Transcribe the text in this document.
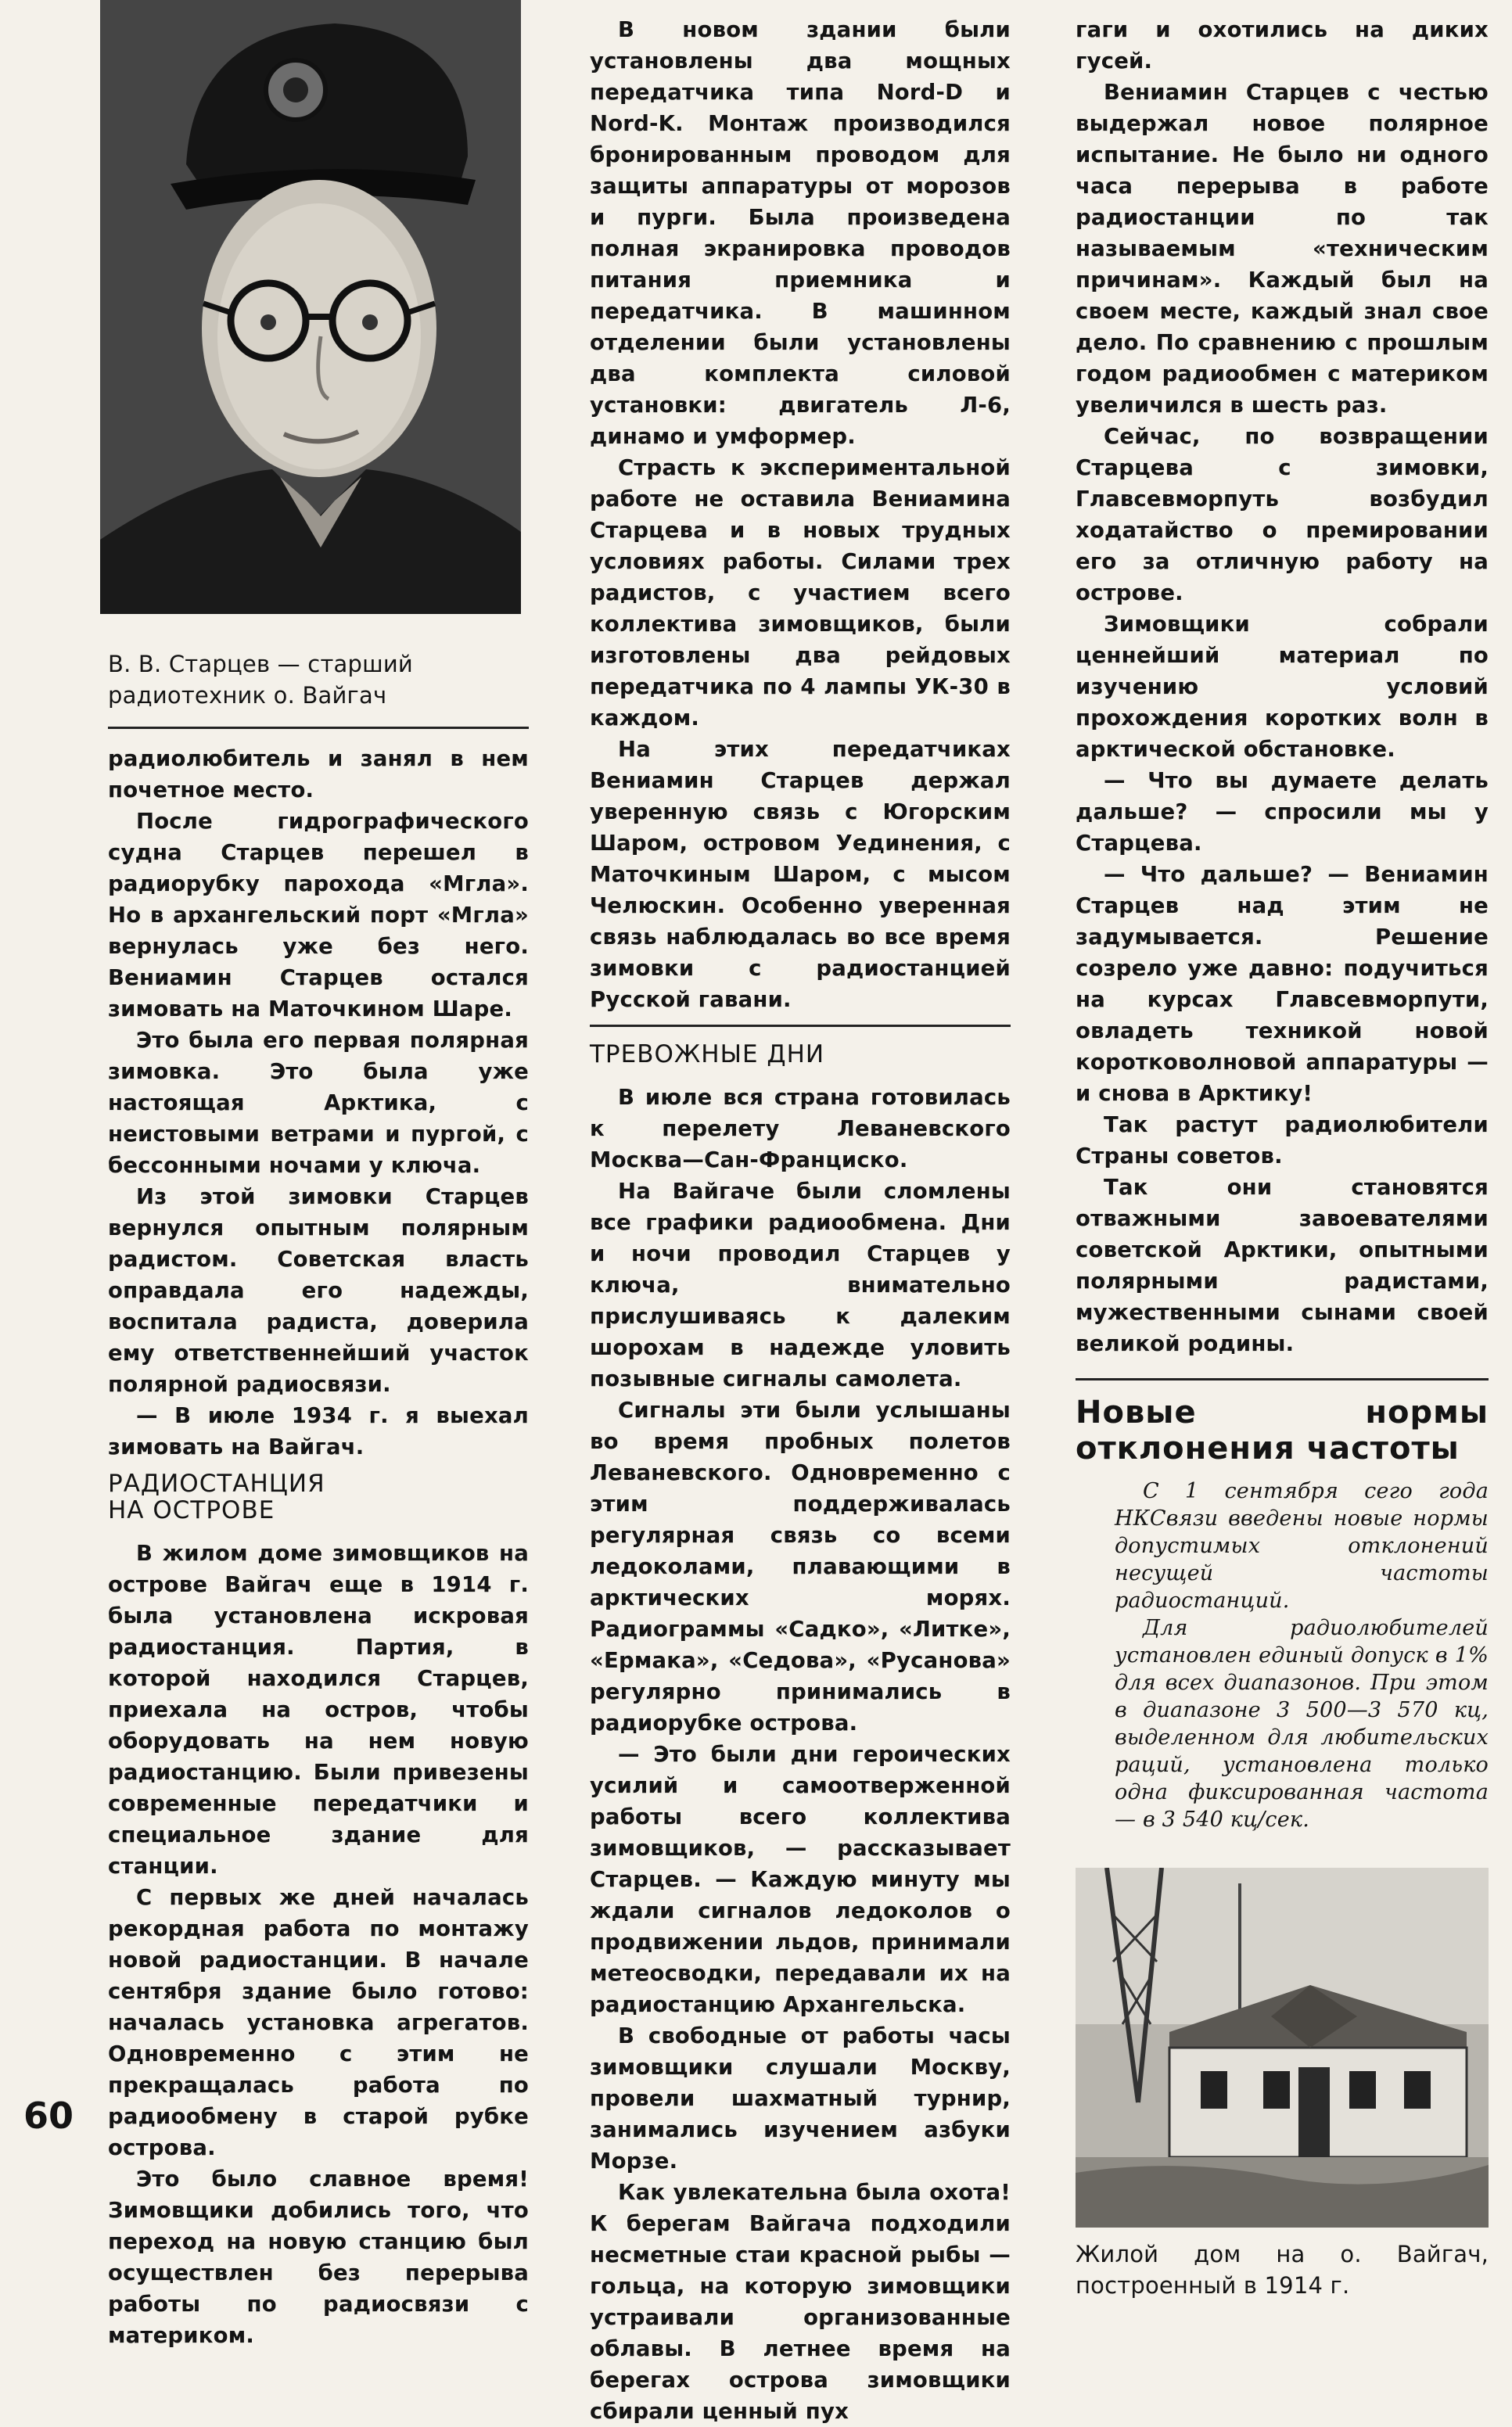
В. В. Старцев — старший радиотехник о. Вайгач

радиолюбитель и занял в нем почетное место.

После гидрографического судна Старцев перешел в радиорубку парохода «Мгла». Но в архангельский порт «Мгла» вернулась уже без него. Вениамин Старцев остался зимовать на Маточкином Шаре.

Это была его первая полярная зимовка. Это была уже настоящая Арктика, с неистовыми ветрами и пургой, с бессонными ночами у ключа.

Из этой зимовки Старцев вернулся опытным полярным радистом. Советская власть оправдала его надежды, воспитала радиста, доверила ему ответственнейший участок полярной радиосвязи.

— В июле 1934 г. я выехал зимовать на Вайгач.

РАДИОСТАНЦИЯ НА ОСТРОВЕ

В жилом доме зимовщиков на острове Вайгач еще в 1914 г. была установлена искровая радиостанция. Партия, в которой находился Старцев, приехала на остров, чтобы оборудовать на нем новую радиостанцию. Были привезены современные передатчики и специальное здание для станции.

С первых же дней началась рекордная работа по монтажу новой радиостанции. В начале сентября здание было готово: началась установка агрегатов. Одновременно с этим не прекращалась работа по радиообмену в старой рубке острова.

Это было славное время! Зимовщики добились того, что переход на новую станцию был осуществлен без перерыва работы по радиосвязи с материком.

В новом здании были установлены два мощных передатчика типа Nord-D и Nord-K. Монтаж производился бронированным проводом для защиты аппаратуры от морозов и пурги. Была произведена полная экранировка проводов питания приемника и передатчика. В машинном отделении были установлены два комплекта силовой установки: двигатель Л-6, динамо и умформер.

Страсть к экспериментальной работе не оставила Вениамина Старцева и в новых трудных условиях работы. Силами трех радистов, с участием всего коллектива зимовщиков, были изготовлены два рейдовых передатчика по 4 лампы УК-30 в каждом.

На этих передатчиках Вениамин Старцев держал уверенную связь с Югорским Шаром, островом Уединения, с Маточкиным Шаром, с мысом Челюскин. Особенно уверенная связь наблюдалась во все время зимовки с радиостанцией Русской гавани.

ТРЕВОЖНЫЕ ДНИ

В июле вся страна готовилась к перелету Леваневского Москва—Сан-Франциско.

На Вайгаче были сломлены все графики радиообмена. Дни и ночи проводил Старцев у ключа, внимательно прислушиваясь к далеким шорохам в надежде уловить позывные сигналы самолета.

Сигналы эти были услышаны во время пробных полетов Леваневского. Одновременно с этим поддерживалась регулярная связь со всеми ледоколами, плавающими в арктических морях. Радиограммы «Садко», «Литке», «Ермака», «Седова», «Русанова» регулярно принимались в радиорубке острова.

— Это были дни героических усилий и самоотверженной работы всего коллектива зимовщиков, — рассказывает Старцев. — Каждую минуту мы ждали сигналов ледоколов о продвижении льдов, принимали метеосводки, передавали их на радиостанцию Архангельска.

В свободные от работы часы зимовщики слушали Москву, провели шахматный турнир, занимались изучением азбуки Морзе.

Как увлекательна была охота! К берегам Вайгача подходили несметные стаи красной рыбы — гольца, на которую зимовщики устраивали организованные облавы. В летнее время на берегах острова зимовщики сбирали ценный пух

гаги и охотились на диких гусей.

Вениамин Старцев с честью выдержал новое полярное испытание. Не было ни одного часа перерыва в работе радиостанции по так называемым «техническим причинам». Каждый был на своем месте, каждый знал свое дело. По сравнению с прошлым годом радиообмен с материком увеличился в шесть раз.

Сейчас, по возвращении Старцева с зимовки, Главсевморпуть возбудил ходатайство о премировании его за отличную работу на острове.

Зимовщики собрали ценнейший материал по изучению условий прохождения коротких волн в арктической обстановке.

— Что вы думаете делать дальше? — спросили мы у Старцева.

— Что дальше? — Вениамин Старцев над этим не задумывается. Решение созрело уже давно: подучиться на курсах Главсевморпути, овладеть техникой новой коротковолновой аппаратуры — и снова в Арктику!

Так растут радиолюбители Страны советов.

Так они становятся отважными завоевателями советской Арктики, опытными полярными радистами, мужественными сынами своей великой родины.

Новые нормы отклонения частоты

С 1 сентября сего года НКСвязи введены новые нормы допустимых отклонений несущей частоты радиостанций.

Для радиолюбителей установлен единый допуск в 1% для всех диапазонов. При этом в диапазоне 3 500—3 570 кц, выделенном для любительских раций, установлена только одна фиксированная частота — в 3 540 кц/сек.

Жилой дом на о. Вайгач, построенный в 1914 г.
60
